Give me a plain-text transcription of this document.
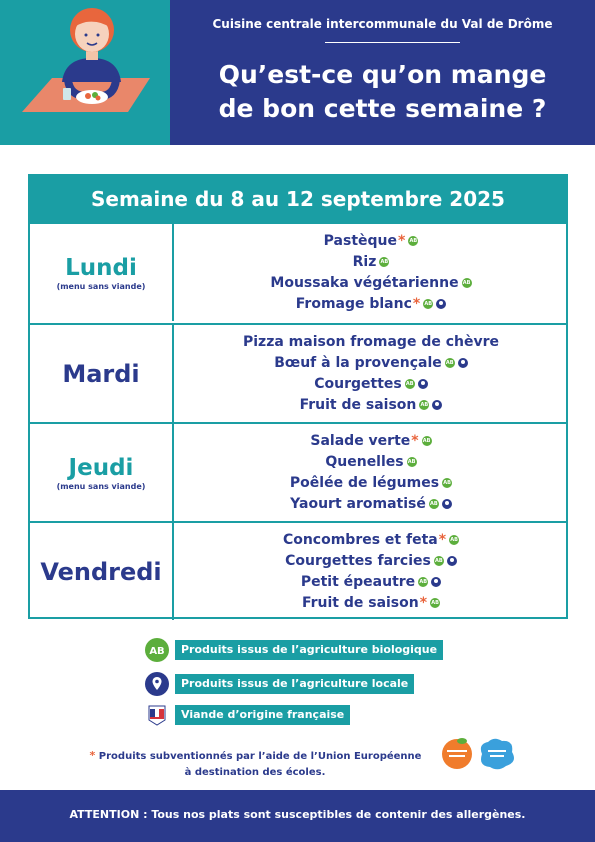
Cuisine centrale intercommunale du Val de Drôme
Qu’est-ce qu’on mange
de bon cette semaine ?
Semaine du 8 au 12 septembre 2025
Lundi
(menu sans viande)
Pastèque * AB
Riz AB
Moussaka végétarienne AB
Fromage blanc * AB
Mardi
Pizza maison fromage de chèvre
Bœuf à la provençale AB
Courgettes AB
Fruit de saison AB
Jeudi
(menu sans viande)
Salade verte * AB
Quenelles AB
Poêlée de légumes AB
Yaourt aromatisé AB
Vendredi
Concombres et feta * AB
Courgettes farcies AB
Petit épeautre AB
Fruit de saison * AB
AB	Produits issus de l’agriculture biologique
Produits issus de l’agriculture locale
Viande d’origine française
* Produits subventionnés par l’aide de l’Union Européenne
à destination des écoles.
ATTENTION : Tous nos plats sont susceptibles de contenir des allergènes.
